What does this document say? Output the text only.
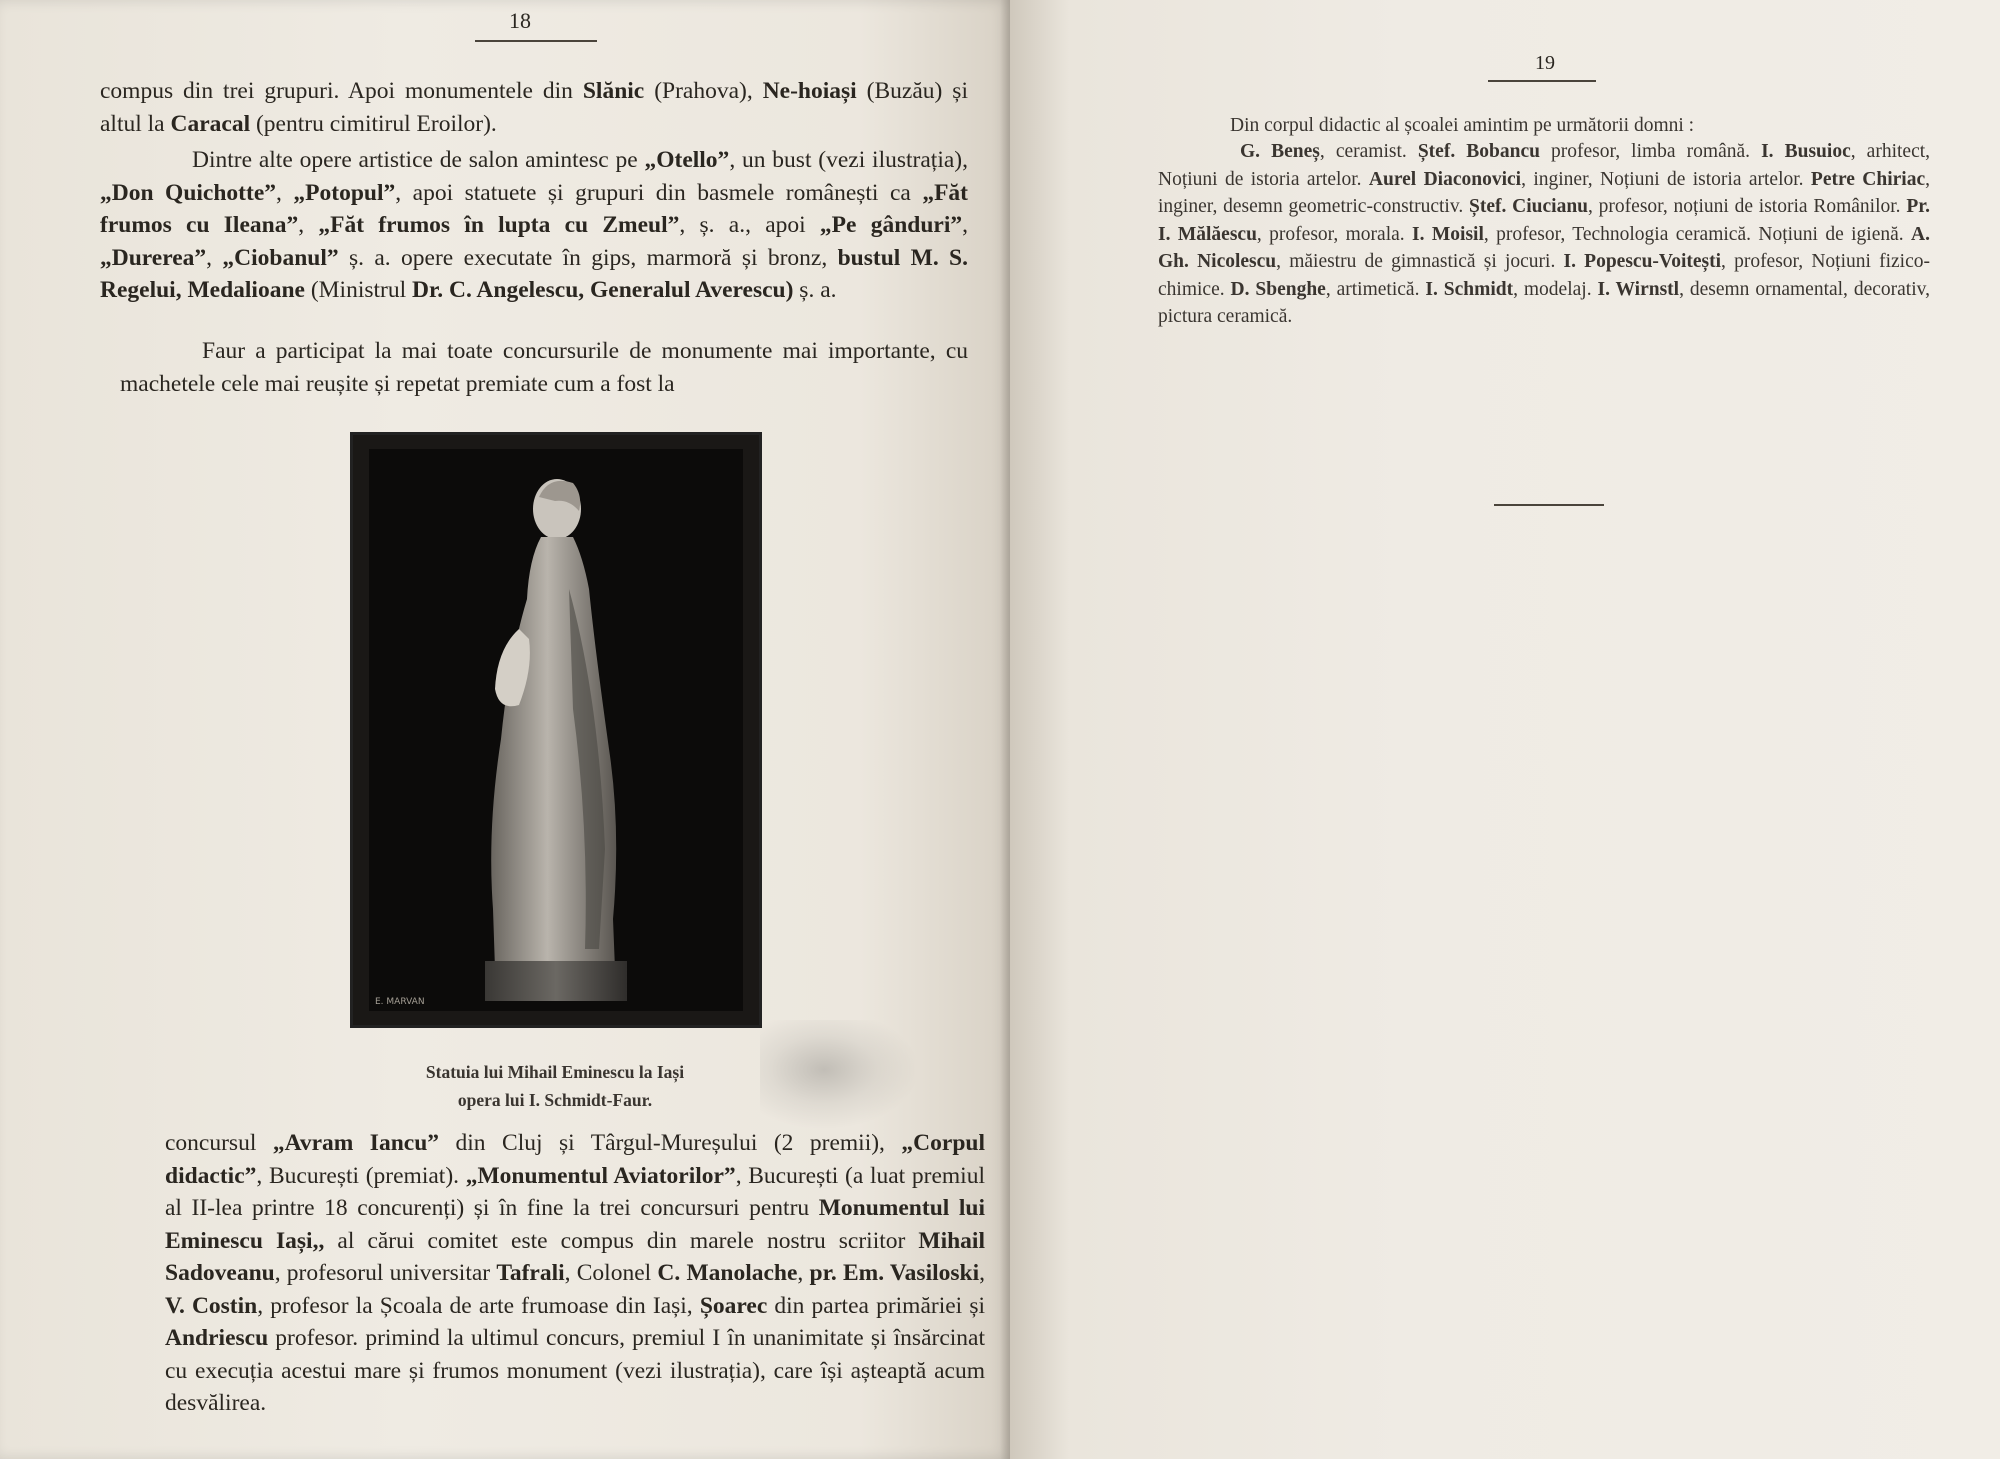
18

compus din trei grupuri. Apoi monumentele din Slănic (Prahova), Ne-hoiași (Buzău) și altul la Caracal (pentru cimitirul Eroilor).

Dintre alte opere artistice de salon amintesc pe „Otello”, un bust (vezi ilustrația), „Don Quichotte”, „Potopul”, apoi statuete și grupuri din basmele românești ca „Făt frumos cu Ileana”, „Făt frumos în lupta cu Zmeul”, ș. a., apoi „Pe gânduri”, „Durerea”, „Ciobanul” ș. a. opere executate în gips, marmoră și bronz, bustul M. S. Regelui, Medalioane (Ministrul Dr. C. Angelescu, Generalul Averescu) ș. a.

Faur a participat la mai toate concursurile de monumente mai importante, cu machetele cele mai reușite și repetat premiate cum a fost la

E. MARVAN
Statuia lui Mihail Eminescu la Iași
opera lui I. Schmidt-Faur.

concursul „Avram Iancu” din Cluj și Târgul-Mureșului (2 premii), „Corpul didactic”, București (premiat). „Monumentul Aviatorilor”, București (a luat premiul al II-lea printre 18 concurenți) și în fine la trei concursuri pentru Monumentul lui Eminescu Iași,, al cărui comitet este compus din marele nostru scriitor Mihail Sadoveanu, profesorul universitar Tafrali, Colonel C. Manolache, pr. Em. Vasiloski, V. Costin, profesor la Școala de arte frumoase din Iași, Șoarec din partea primăriei și Andriescu profesor. primind la ultimul concurs, premiul I în unanimitate și însărcinat cu execuția acestui mare și frumos monument (vezi ilustrația), care își așteaptă acum desvălirea.

19

Din corpul didactic al școalei amintim pe următorii domni :

G. Beneș, ceramist. Ștef. Bobancu profesor, limba română. I. Busuioc, arhitect, Noțiuni de istoria artelor. Aurel Diaconovici, inginer, Noțiuni de istoria artelor. Petre Chiriac, inginer, desemn geometric-constructiv. Ștef. Ciucianu, profesor, noțiuni de istoria Românilor. Pr. I. Mălăescu, profesor, morala. I. Moisil, profesor, Technologia ceramică. Noțiuni de igienă. A. Gh. Nicolescu, măiestru de gimnastică și jocuri. I. Popescu-Voitești, profesor, Noțiuni fizico-chimice. D. Sbenghe, artimetică. I. Schmidt, modelaj. I. Wirnstl, desemn ornamental, decorativ, pictura ceramică.
